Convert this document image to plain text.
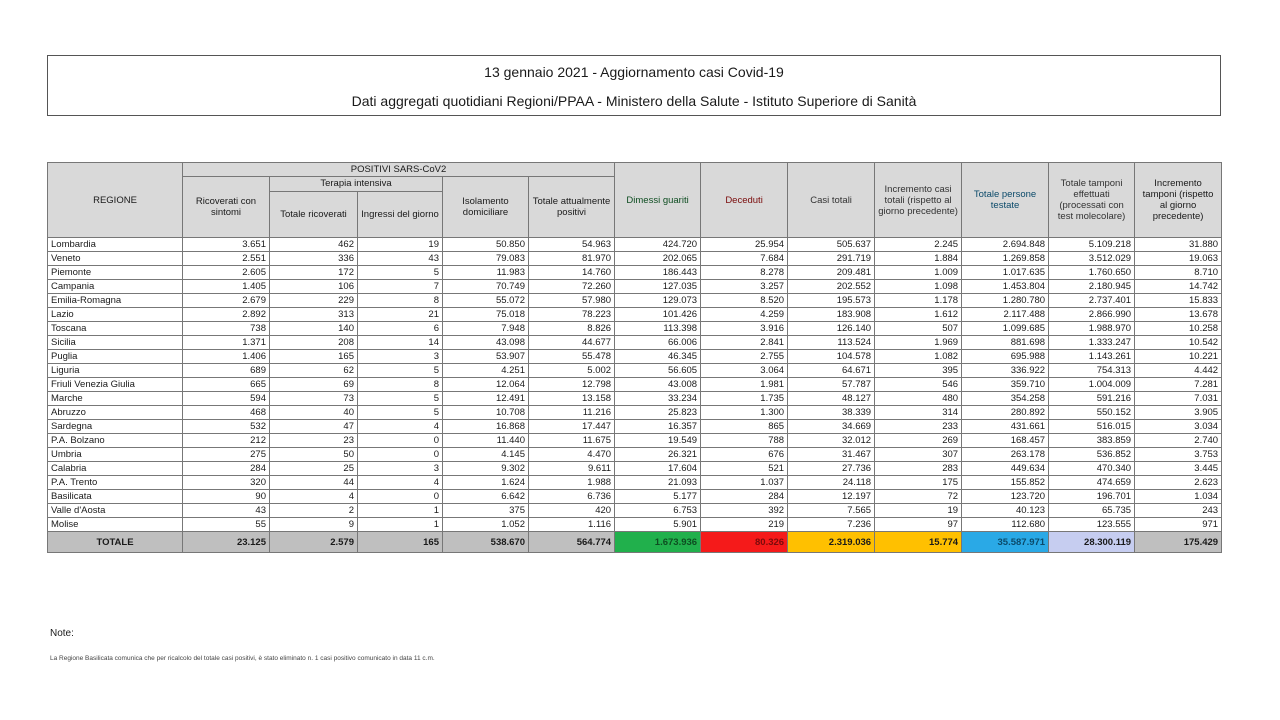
13 gennaio 2021 - Aggiornamento casi Covid-19
Dati aggregati quotidiani Regioni/PPAA - Ministero della Salute - Istituto Superiore di Sanità
REGIONE	POSITIVI SARS-CoV2					Dimessi guariti	Deceduti	Casi totali	Incremento casi totali (rispetto al giorno precedente)	Totale persone testate	Totale tamponi effettuati (processati con test molecolare)	Incremento tamponi (rispetto al giorno precedente)
	Ricoverati con sintomi	Terapia intensiva		Isolamento domiciliare	Totale attualmente positivi							
		Totale ricoverati	Ingressi del giorno									
Lombardia	3.651	462	19	50.850	54.963	424.720	25.954	505.637	2.245	2.694.848	5.109.218	31.880
Veneto	2.551	336	43	79.083	81.970	202.065	7.684	291.719	1.884	1.269.858	3.512.029	19.063
Piemonte	2.605	172	5	11.983	14.760	186.443	8.278	209.481	1.009	1.017.635	1.760.650	8.710
Campania	1.405	106	7	70.749	72.260	127.035	3.257	202.552	1.098	1.453.804	2.180.945	14.742
Emilia-Romagna	2.679	229	8	55.072	57.980	129.073	8.520	195.573	1.178	1.280.780	2.737.401	15.833
Lazio	2.892	313	21	75.018	78.223	101.426	4.259	183.908	1.612	2.117.488	2.866.990	13.678
Toscana	738	140	6	7.948	8.826	113.398	3.916	126.140	507	1.099.685	1.988.970	10.258
Sicilia	1.371	208	14	43.098	44.677	66.006	2.841	113.524	1.969	881.698	1.333.247	10.542
Puglia	1.406	165	3	53.907	55.478	46.345	2.755	104.578	1.082	695.988	1.143.261	10.221
Liguria	689	62	5	4.251	5.002	56.605	3.064	64.671	395	336.922	754.313	4.442
Friuli Venezia Giulia	665	69	8	12.064	12.798	43.008	1.981	57.787	546	359.710	1.004.009	7.281
Marche	594	73	5	12.491	13.158	33.234	1.735	48.127	480	354.258	591.216	7.031
Abruzzo	468	40	5	10.708	11.216	25.823	1.300	38.339	314	280.892	550.152	3.905
Sardegna	532	47	4	16.868	17.447	16.357	865	34.669	233	431.661	516.015	3.034
P.A. Bolzano	212	23	0	11.440	11.675	19.549	788	32.012	269	168.457	383.859	2.740
Umbria	275	50	0	4.145	4.470	26.321	676	31.467	307	263.178	536.852	3.753
Calabria	284	25	3	9.302	9.611	17.604	521	27.736	283	449.634	470.340	3.445
P.A. Trento	320	44	4	1.624	1.988	21.093	1.037	24.118	175	155.852	474.659	2.623
Basilicata	90	4	0	6.642	6.736	5.177	284	12.197	72	123.720	196.701	1.034
Valle d'Aosta	43	2	1	375	420	6.753	392	7.565	19	40.123	65.735	243
Molise	55	9	1	1.052	1.116	5.901	219	7.236	97	112.680	123.555	971
TOTALE	23.125	2.579	165	538.670	564.774	1.673.936	80.326	2.319.036	15.774	35.587.971	28.300.119	175.429
Note:
La Regione Basilicata comunica che per ricalcolo del totale casi positivi, è stato eliminato n. 1 casi positivo comunicato in data 11 c.m.
